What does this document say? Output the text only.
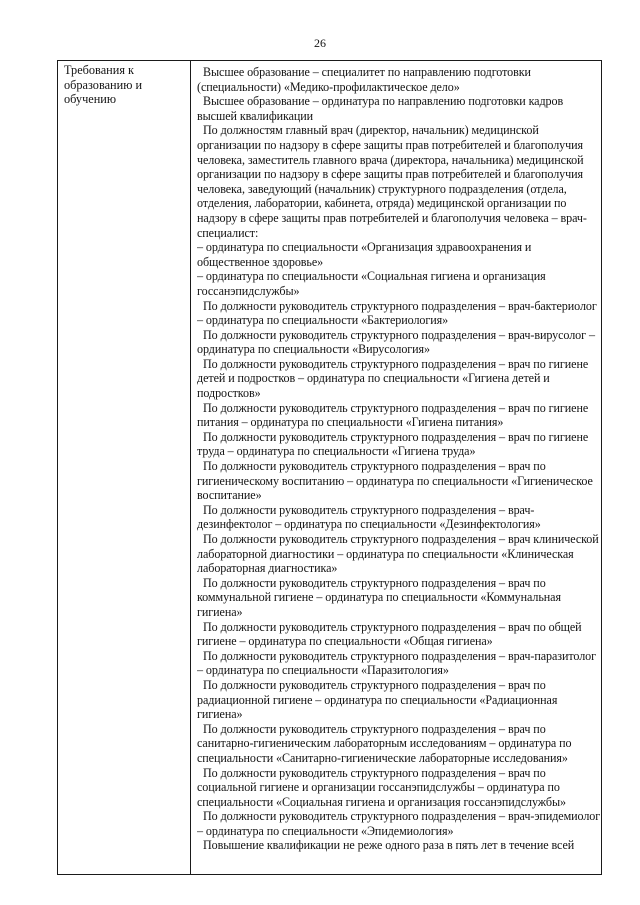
26
Требования к образованию и обучению

Высшее образование – специалитет по направлению подготовки (специальности) «Медико-профилактическое дело»

Высшее образование – ординатура по направлению подготовки кадров высшей квалификации

По должностям главный врач (директор, начальник) медицинской организации по надзору в сфере защиты прав потребителей и благополучия человека, заместитель главного врача (директора, начальника) медицинской организации по надзору в сфере защиты прав потребителей и благополучия человека, заведующий (начальник) структурного подразделения (отдела, отделения, лаборатории, кабинета, отряда) медицинской организации по надзору в сфере защиты прав потребителей и благополучия человека – врач-специалист:

– ординатура по специальности «Организация здравоохранения и общественное здоровье»

– ординатура по специальности «Социальная гигиена и организация госсанэпидслужбы»

По должности руководитель структурного подразделения – врач-бактериолог – ординатура по специальности «Бактериология»

По должности руководитель структурного подразделения – врач-вирусолог – ординатура по специальности «Вирусология»

По должности руководитель структурного подразделения – врач по гигиене детей и подростков – ординатура по специальности «Гигиена детей и подростков»

По должности руководитель структурного подразделения – врач по гигиене питания – ординатура по специальности «Гигиена питания»

По должности руководитель структурного подразделения – врач по гигиене труда – ординатура по специальности «Гигиена труда»

По должности руководитель структурного подразделения – врач по гигиеническому воспитанию – ординатура по специальности «Гигиеническое воспитание»

По должности руководитель структурного подразделения – врач-дезинфектолог – ординатура по специальности «Дезинфектология»

По должности руководитель структурного подразделения – врач клинической лабораторной диагностики – ординатура по специальности «Клиническая лабораторная диагностика»

По должности руководитель структурного подразделения – врач по коммунальной гигиене – ординатура по специальности «Коммунальная гигиена»

По должности руководитель структурного подразделения – врач по общей гигиене – ординатура по специальности «Общая гигиена»

По должности руководитель структурного подразделения – врач-паразитолог – ординатура по специальности «Паразитология»

По должности руководитель структурного подразделения – врач по радиационной гигиене – ординатура по специальности «Радиационная гигиена»

По должности руководитель структурного подразделения – врач по санитарно-гигиеническим лабораторным исследованиям – ординатура по специальности «Санитарно-гигиенические лабораторные исследования»

По должности руководитель структурного подразделения – врач по социальной гигиене и организации госсанэпидслужбы – ординатура по специальности «Социальная гигиена и организация госсанэпидслужбы»

По должности руководитель структурного подразделения – врач-эпидемиолог – ординатура по специальности «Эпидемиология»

Повышение квалификации не реже одного раза в пять лет в течение всей
